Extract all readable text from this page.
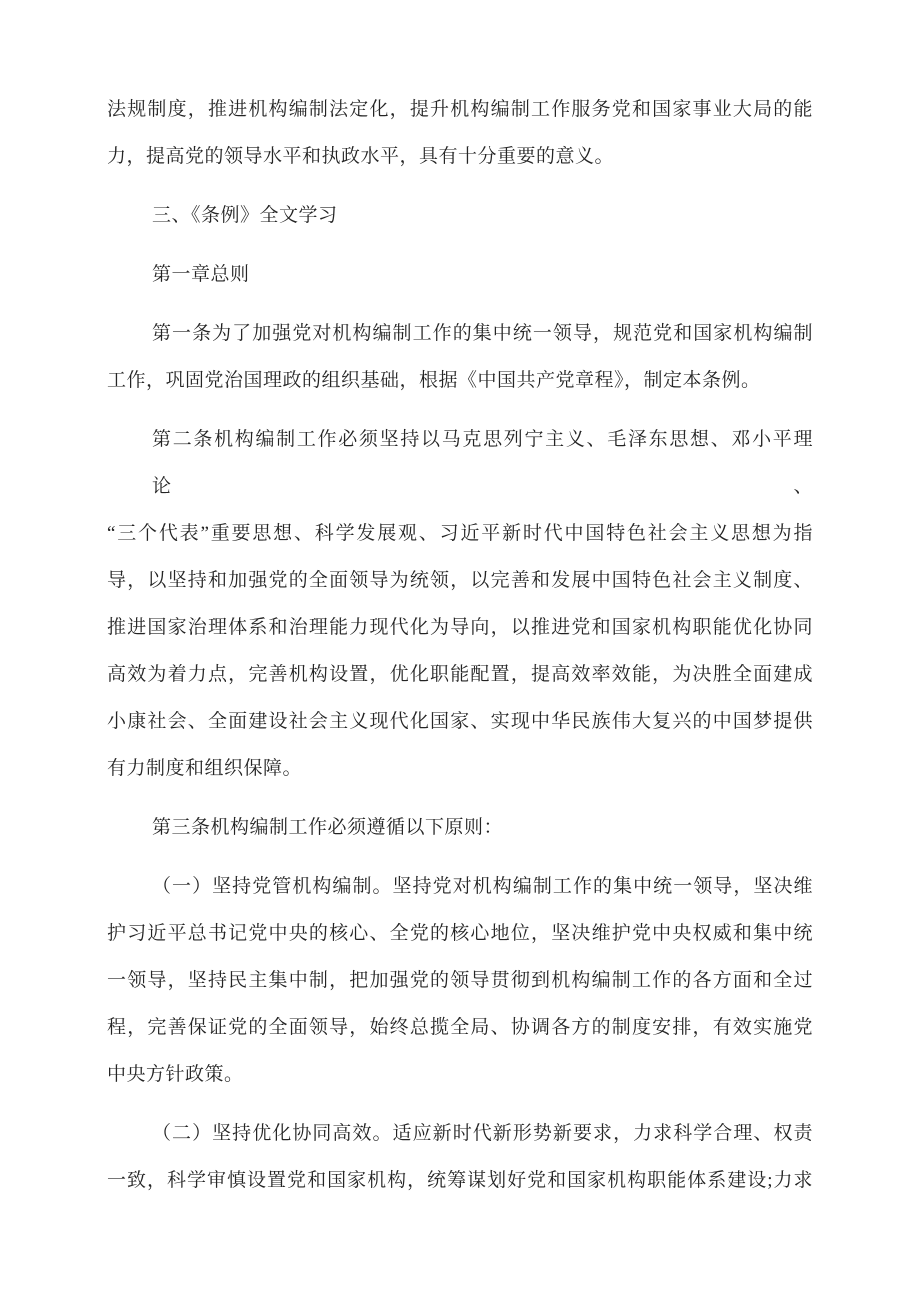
法规制度，推进机构编制法定化，提升机构编制工作服务党和国家事业大局的能
力，提高党的领导水平和执政水平，具有十分重要的意义。
三、《条例》全文学习
第一章总则
第一条为了加强党对机构编制工作的集中统一领导，规范党和国家机构编制
工作，巩固党治国理政的组织基础，根据《中国共产党章程》，制定本条例。
第二条机构编制工作必须坚持以马克思列宁主义、毛泽东思想、邓小平理论、
“三个代表”重要思想、科学发展观、习近平新时代中国特色社会主义思想为指
导，以坚持和加强党的全面领导为统领，以完善和发展中国特色社会主义制度、
推进国家治理体系和治理能力现代化为导向，以推进党和国家机构职能优化协同
高效为着力点，完善机构设置，优化职能配置，提高效率效能，为决胜全面建成
小康社会、全面建设社会主义现代化国家、实现中华民族伟大复兴的中国梦提供
有力制度和组织保障。
第三条机构编制工作必须遵循以下原则：
（一）坚持党管机构编制。坚持党对机构编制工作的集中统一领导，坚决维
护习近平总书记党中央的核心、全党的核心地位，坚决维护党中央权威和集中统
一领导，坚持民主集中制，把加强党的领导贯彻到机构编制工作的各方面和全过
程，完善保证党的全面领导，始终总揽全局、协调各方的制度安排，有效实施党
中央方针政策。
（二）坚持优化协同高效。适应新时代新形势新要求，力求科学合理、权责
一致，科学审慎设置党和国家机构，统筹谋划好党和国家机构职能体系建设;力求
